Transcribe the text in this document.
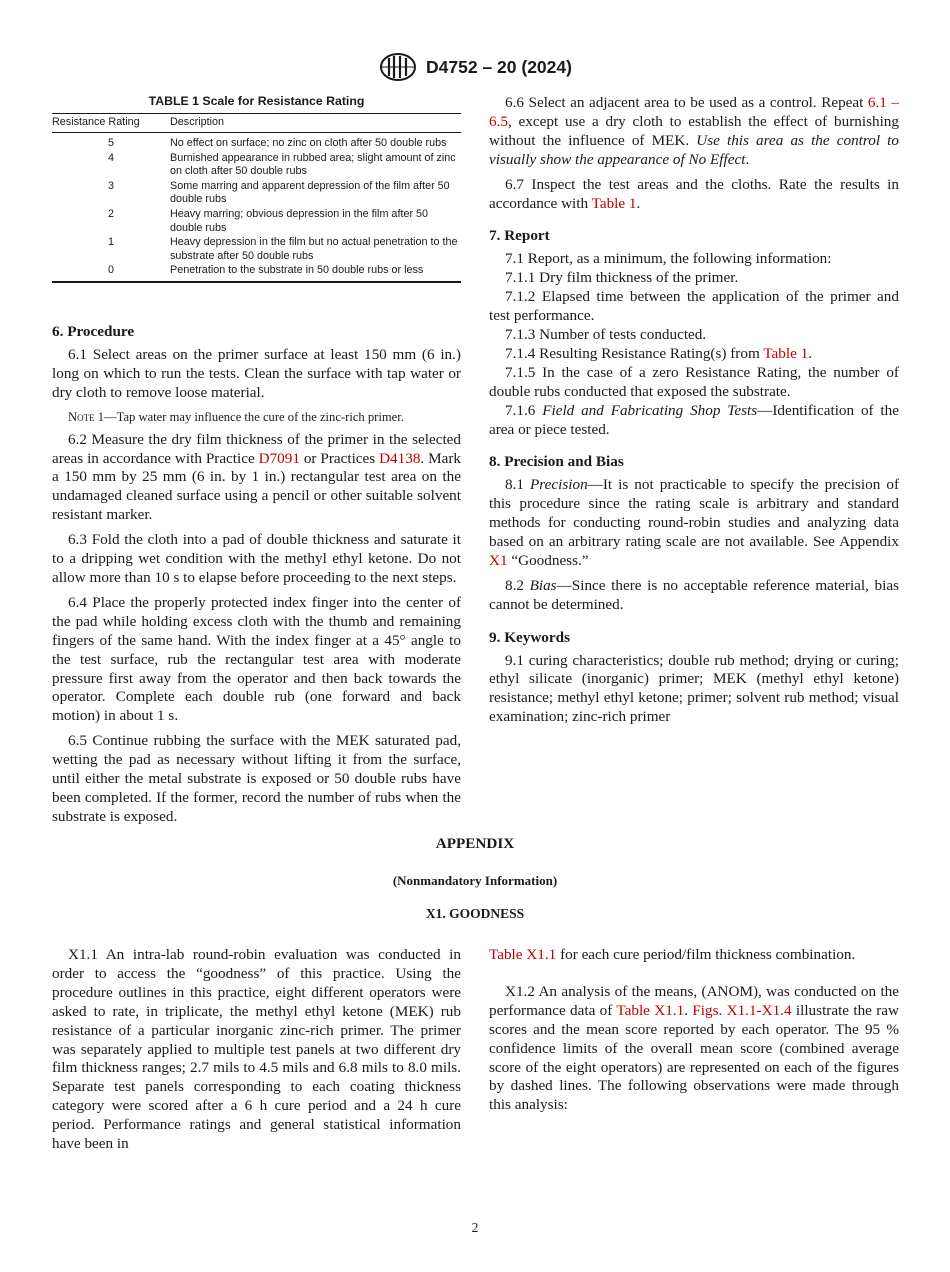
D4752 – 20 (2024)
TABLE 1 Scale for Resistance Rating
Resistance Rating	Description

5	No effect on surface; no zinc on cloth after 50 double rubs
4	Burnished appearance in rubbed area; slight amount of zinc on cloth after 50 double rubs
3	Some marring and apparent depression of the film after 50 double rubs
2	Heavy marring; obvious depression in the film after 50 double rubs
1	Heavy depression in the film but no actual penetration to the substrate after 50 double rubs
0	Penetration to the substrate in 50 double rubs or less
6. Procedure

6.1 Select areas on the primer surface at least 150 mm (6 in.) long on which to run the tests. Clean the surface with tap water or dry cloth to remove loose material.

Note 1—Tap water may influence the cure of the zinc-rich primer.

6.2 Measure the dry film thickness of the primer in the selected areas in accordance with Practice D7091 or Practices D4138. Mark a 150 mm by 25 mm (6 in. by 1 in.) rectangular test area on the undamaged cleaned surface using a pencil or other suitable solvent resistant marker.

6.3 Fold the cloth into a pad of double thickness and saturate it to a dripping wet condition with the methyl ethyl ketone. Do not allow more than 10 s to elapse before proceeding to the next steps.

6.4 Place the properly protected index finger into the center of the pad while holding excess cloth with the thumb and remaining fingers of the same hand. With the index finger at a 45° angle to the test surface, rub the rectangular test area with moderate pressure first away from the operator and then back towards the operator. Complete each double rub (one forward and back motion) in about 1 s.

6.5 Continue rubbing the surface with the MEK saturated pad, wetting the pad as necessary without lifting it from the surface, until either the metal substrate is exposed or 50 double rubs have been completed. If the former, record the number of rubs when the substrate is exposed.

6.6 Select an adjacent area to be used as a control. Repeat 6.1 – 6.5, except use a dry cloth to establish the effect of burnishing without the influence of MEK. Use this area as the control to visually show the appearance of No Effect.

6.7 Inspect the test areas and the cloths. Rate the results in accordance with Table 1.

7. Report

7.1 Report, as a minimum, the following information:

7.1.1 Dry film thickness of the primer.

7.1.2 Elapsed time between the application of the primer and test performance.

7.1.3 Number of tests conducted.

7.1.4 Resulting Resistance Rating(s) from Table 1.

7.1.5 In the case of a zero Resistance Rating, the number of double rubs conducted that exposed the substrate.

7.1.6 Field and Fabricating Shop Tests—Identification of the area or piece tested.

8. Precision and Bias

8.1 Precision—It is not practicable to specify the precision of this procedure since the rating scale is arbitrary and standard methods for conducting round-robin studies and analyzing data based on an arbitrary rating scale are not available. See Appendix X1 “Goodness.”

8.2 Bias—Since there is no acceptable reference material, bias cannot be determined.

9. Keywords

9.1 curing characteristics; double rub method; drying or curing; ethyl silicate (inorganic) primer; MEK (methyl ethyl ketone) resistance; methyl ethyl ketone; primer; solvent rub method; visual examination; zinc-rich primer

APPENDIX
(Nonmandatory Information)
X1. GOODNESS

X1.1 An intra-lab round-robin evaluation was conducted in order to access the “goodness” of this practice. Using the procedure outlines in this practice, eight different operators were asked to rate, in triplicate, the methyl ethyl ketone (MEK) rub resistance of a particular inorganic zinc-rich primer. The primer was separately applied to multiple test panels at two different dry film thickness ranges; 2.7 mils to 4.5 mils and 6.8 mils to 8.0 mils. Separate test panels corresponding to each coating thickness category were scored after a 6 h cure period and a 24 h cure period. Performance ratings and general statistical information have been in

Table X1.1 for each cure period/film thickness combination.

X1.2 An analysis of the means, (ANOM), was conducted on the performance data of Table X1.1. Figs. X1.1-X1.4 illustrate the raw scores and the mean score reported by each operator. The 95 % confidence limits of the overall mean score (combined average score of the eight operators) are represented on each of the figures by dashed lines. The following observations were made through this analysis:

2
